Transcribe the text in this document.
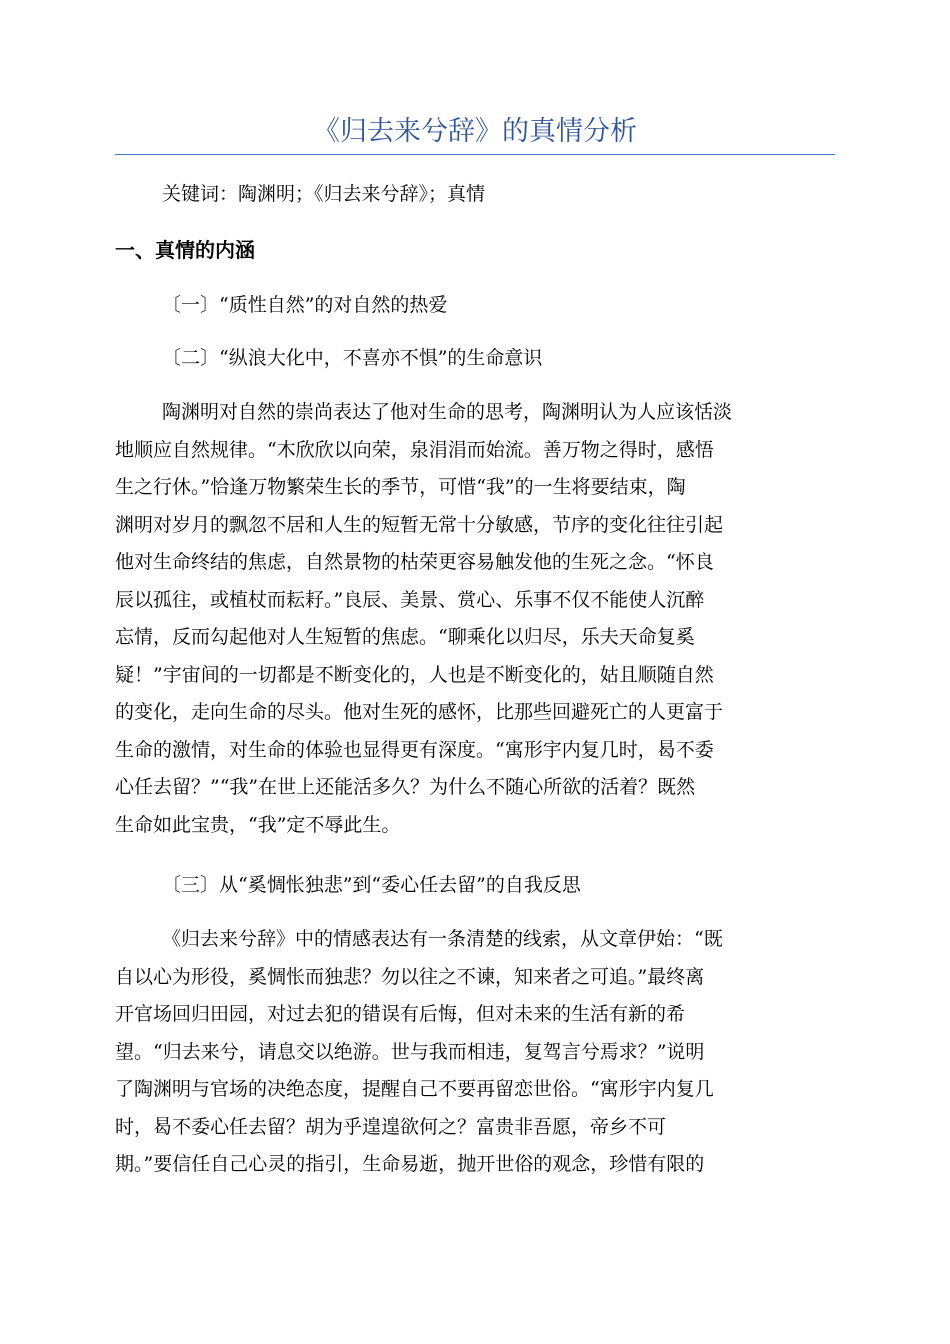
《归去来兮辞》的真情分析
关键词：陶渊明；《归去来兮辞》；真情
一、真情的内涵
〔一〕“质性自然”的对自然的热爱
〔二〕“纵浪大化中，不喜亦不惧”的生命意识
陶渊明对自然的崇尚表达了他对生命的思考，陶渊明认为人应该恬淡
地顺应自然规律。“木欣欣以向荣，泉涓涓而始流。善万物之得时，感悟
生之行休。”恰逢万物繁荣生长的季节，可惜“我”的一生将要结束，陶
渊明对岁月的飘忽不居和人生的短暂无常十分敏感，节序的变化往往引起
他对生命终结的焦虑，自然景物的枯荣更容易触发他的生死之念。“怀良
辰以孤往，或植杖而耘耔。”良辰、美景、赏心、乐事不仅不能使人沉醉
忘情，反而勾起他对人生短暂的焦虑。“聊乘化以归尽，乐夫天命复奚
疑！”宇宙间的一切都是不断变化的，人也是不断变化的，姑且顺随自然
的变化，走向生命的尽头。他对生死的感怀，比那些回避死亡的人更富于
生命的激情，对生命的体验也显得更有深度。“寓形宇内复几时，曷不委
心任去留？”“我”在世上还能活多久？为什么不随心所欲的活着？既然
生命如此宝贵，“我”定不辱此生。
〔三〕从“奚惆怅独悲”到“委心任去留”的自我反思
《归去来兮辞》中的情感表达有一条清楚的线索，从文章伊始：“既
自以心为形役，奚惆怅而独悲？勿以往之不谏，知来者之可追。”最终离
开官场回归田园，对过去犯的错误有后悔，但对未来的生活有新的希
望。“归去来兮，请息交以绝游。世与我而相违，复驾言兮焉求？”说明
了陶渊明与官场的决绝态度，提醒自己不要再留恋世俗。“寓形宇内复几
时，曷不委心任去留？胡为乎遑遑欲何之？富贵非吾愿，帝乡不可
期。”要信任自己心灵的指引，生命易逝，抛开世俗的观念，珍惜有限的
